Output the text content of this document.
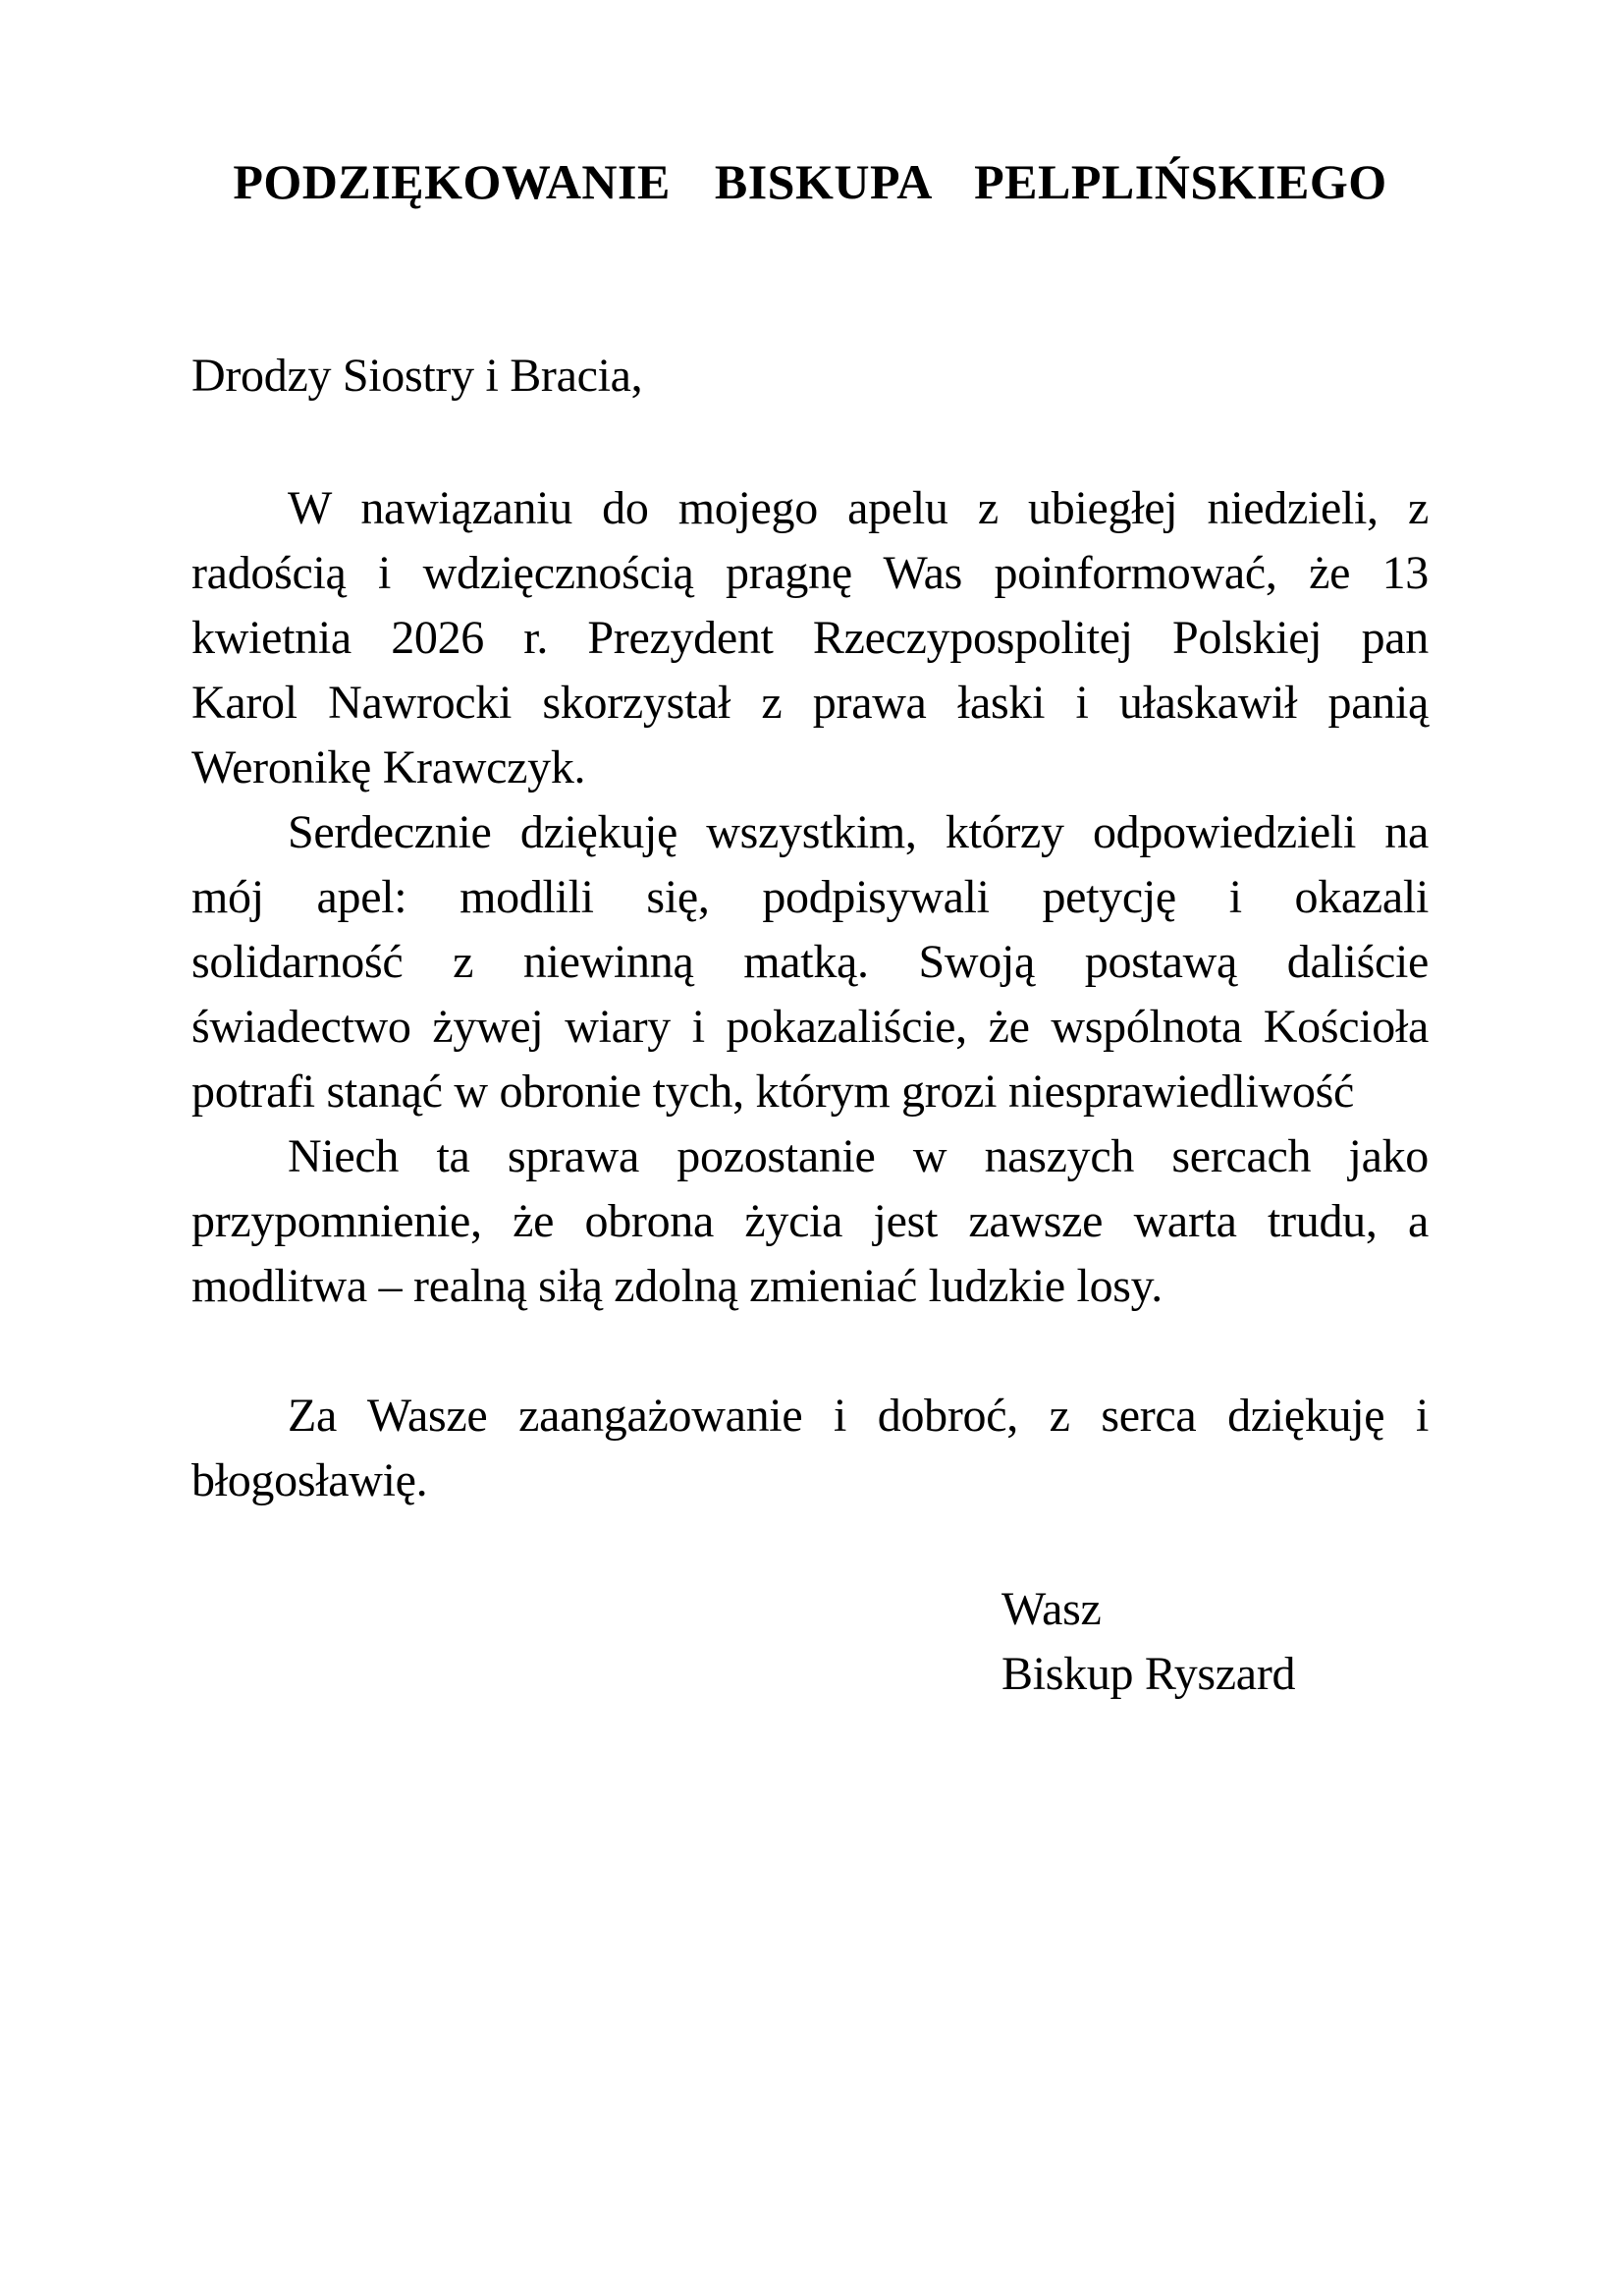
PODZIĘKOWANIE BISKUPA PELPLIŃSKIEGO
Drodzy Siostry i Bracia,
W nawiązaniu do mojego apelu z ubiegłej niedzieli, z
radością i wdzięcznością pragnę Was poinformować, że 13
kwietnia 2026 r. Prezydent Rzeczypospolitej Polskiej pan
Karol Nawrocki skorzystał z prawa łaski i ułaskawił panią
Weronikę Krawczyk.
Serdecznie dziękuję wszystkim, którzy odpowiedzieli na
mój apel: modlili się, podpisywali petycję i okazali
solidarność z niewinną matką. Swoją postawą daliście
świadectwo żywej wiary i pokazaliście, że wspólnota Kościoła
potrafi stanąć w obronie tych, którym grozi niesprawiedliwość
Niech ta sprawa pozostanie w naszych sercach jako
przypomnienie, że obrona życia jest zawsze warta trudu, a
modlitwa – realną siłą zdolną zmieniać ludzkie losy.
Za Wasze zaangażowanie i dobroć, z serca dziękuję i
błogosławię.
Wasz
Biskup Ryszard
